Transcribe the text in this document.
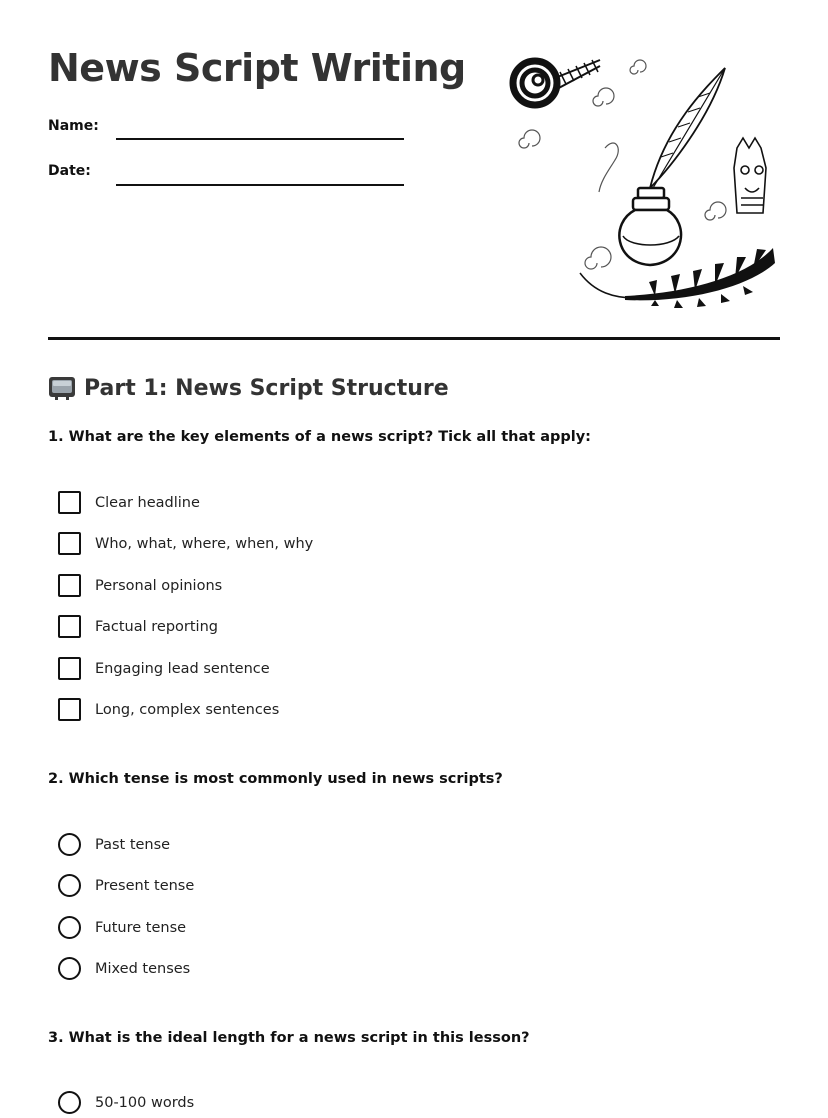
News Script Writing
Name:
Date:
Part 1: News Script Structure
1. What are the key elements of a news script? Tick all that apply:
Clear headline
Who, what, where, when, why
Personal opinions
Factual reporting
Engaging lead sentence
Long, complex sentences
2. Which tense is most commonly used in news scripts?
Past tense
Present tense
Future tense
Mixed tenses
3. What is the ideal length for a news script in this lesson?
50-100 words
